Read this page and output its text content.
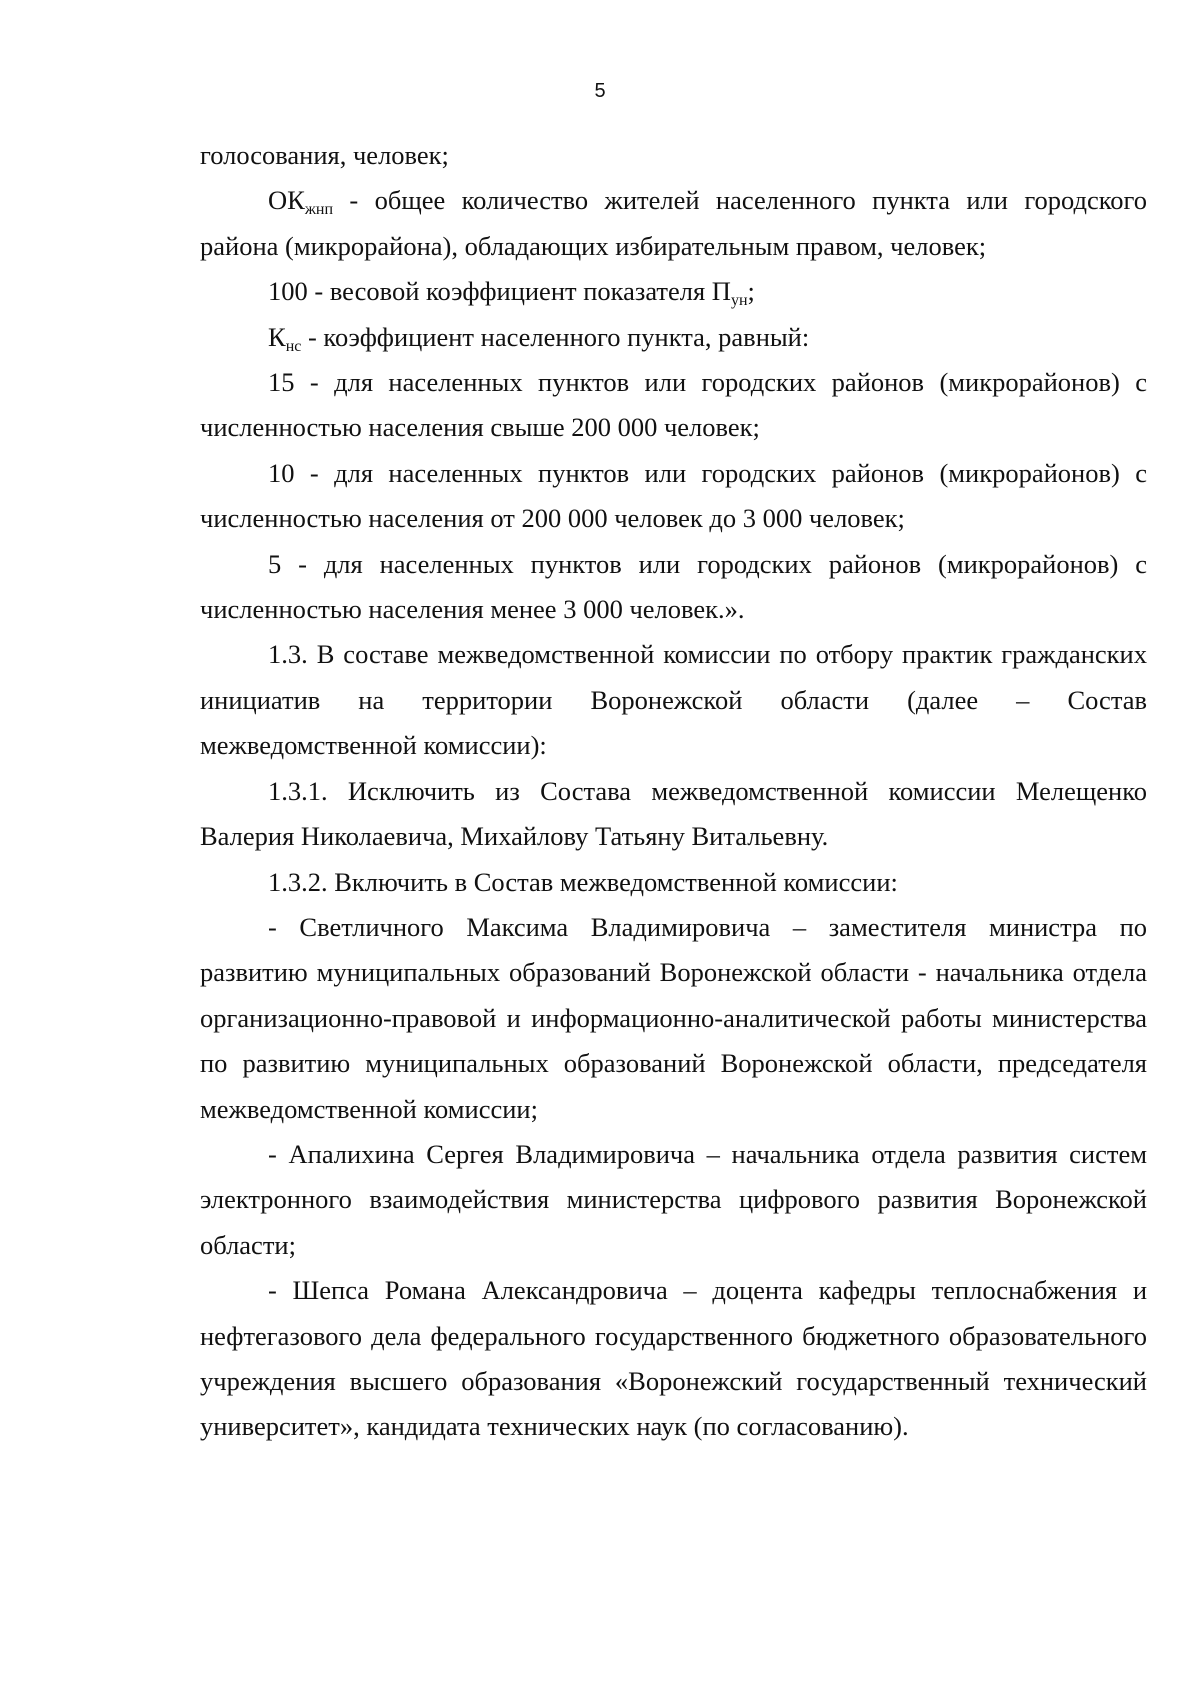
5

голосования, человек;

$ОК_{жнп}$ - общее количество жителей населенного пункта или городского района (микрорайона), обладающих избирательным правом, человек;

100 - весовой коэффициент показателя $П_{ун}$;

$К_{нс}$ - коэффициент населенного пункта, равный:

15 - для населенных пунктов или городских районов (микрорайонов) с численностью населения свыше 200 000 человек;

10 - для населенных пунктов или городских районов (микрорайонов) с численностью населения от 200 000 человек до 3 000 человек;

5 - для населенных пунктов или городских районов (микрорайонов) с численностью населения менее 3 000 человек.».

1.3. В составе межведомственной комиссии по отбору практик гражданских инициатив на территории Воронежской области (далее – Состав межведомственной комиссии):

1.3.1. Исключить из Состава межведомственной комиссии Мелещенко Валерия Николаевича, Михайлову Татьяну Витальевну.

1.3.2. Включить в Состав межведомственной комиссии:

- Светличного Максима Владимировича – заместителя министра по развитию муниципальных образований Воронежской области - начальника отдела организационно-правовой и информационно-аналитической работы министерства по развитию муниципальных образований Воронежской области, председателя межведомственной комиссии;

- Апалихина Сергея Владимировича – начальника отдела развития систем электронного взаимодействия министерства цифрового развития Воронежской области;

- Шепса Романа Александровича – доцента кафедры теплоснабжения и нефтегазового дела федерального государственного бюджетного образовательного учреждения высшего образования «Воронежский государственный технический университет», кандидата технических наук (по согласованию).
